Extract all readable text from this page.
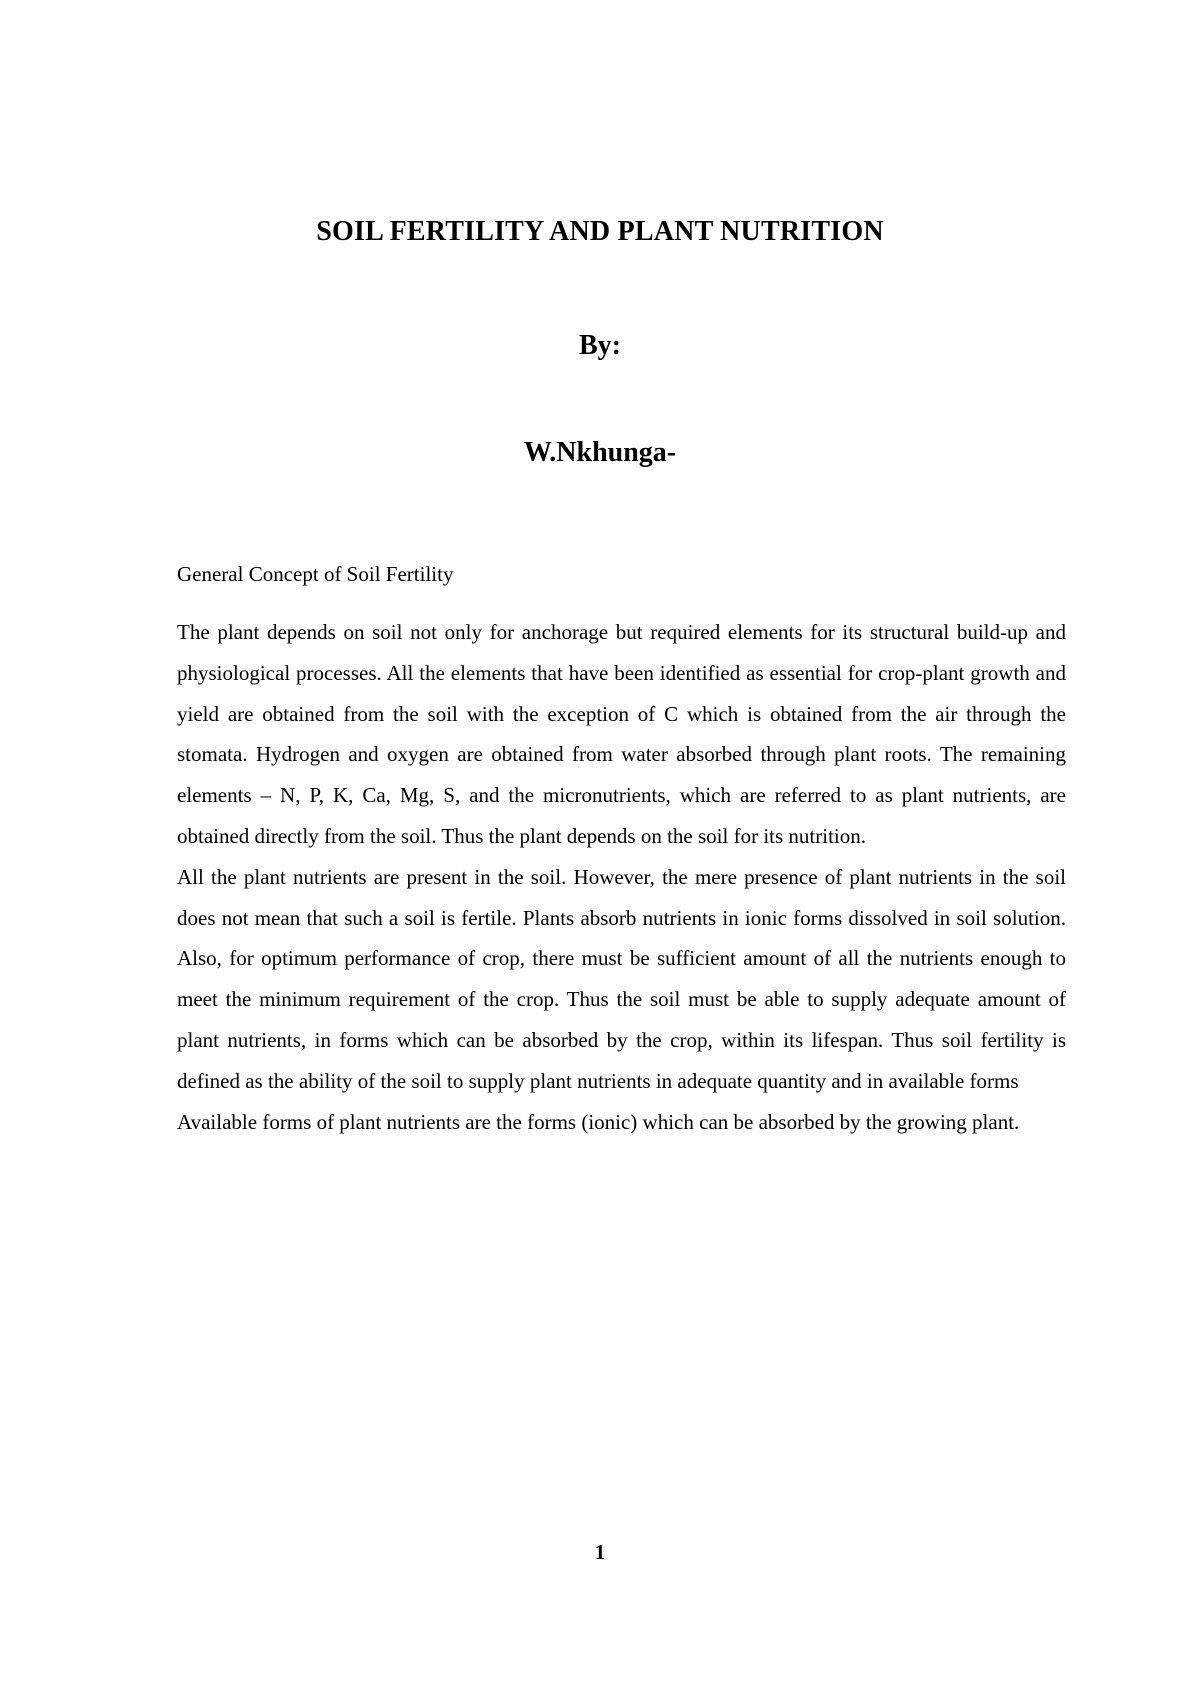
SOIL FERTILITY AND PLANT NUTRITION
By:
W.Nkhunga-
General Concept of Soil Fertility

The plant depends on soil not only for anchorage but required elements for its structural build-up and physiological processes. All the elements that have been identified as essential for crop-plant growth and yield are obtained from the soil with the exception of C which is obtained from the air through the stomata. Hydrogen and oxygen are obtained from water absorbed through plant roots. The remaining elements – N, P, K, Ca, Mg, S, and the micronutrients, which are referred to as plant nutrients, are obtained directly from the soil. Thus the plant depends on the soil for its nutrition.

All the plant nutrients are present in the soil. However, the mere presence of plant nutrients in the soil does not mean that such a soil is fertile. Plants absorb nutrients in ionic forms dissolved in soil solution. Also, for optimum performance of crop, there must be sufficient amount of all the nutrients enough to meet the minimum requirement of the crop. Thus the soil must be able to supply adequate amount of plant nutrients, in forms which can be absorbed by the crop, within its lifespan. Thus soil fertility is defined as the ability of the soil to supply plant nutrients in adequate quantity and in available forms

Available forms of plant nutrients are the forms (ionic) which can be absorbed by the growing plant.

1
